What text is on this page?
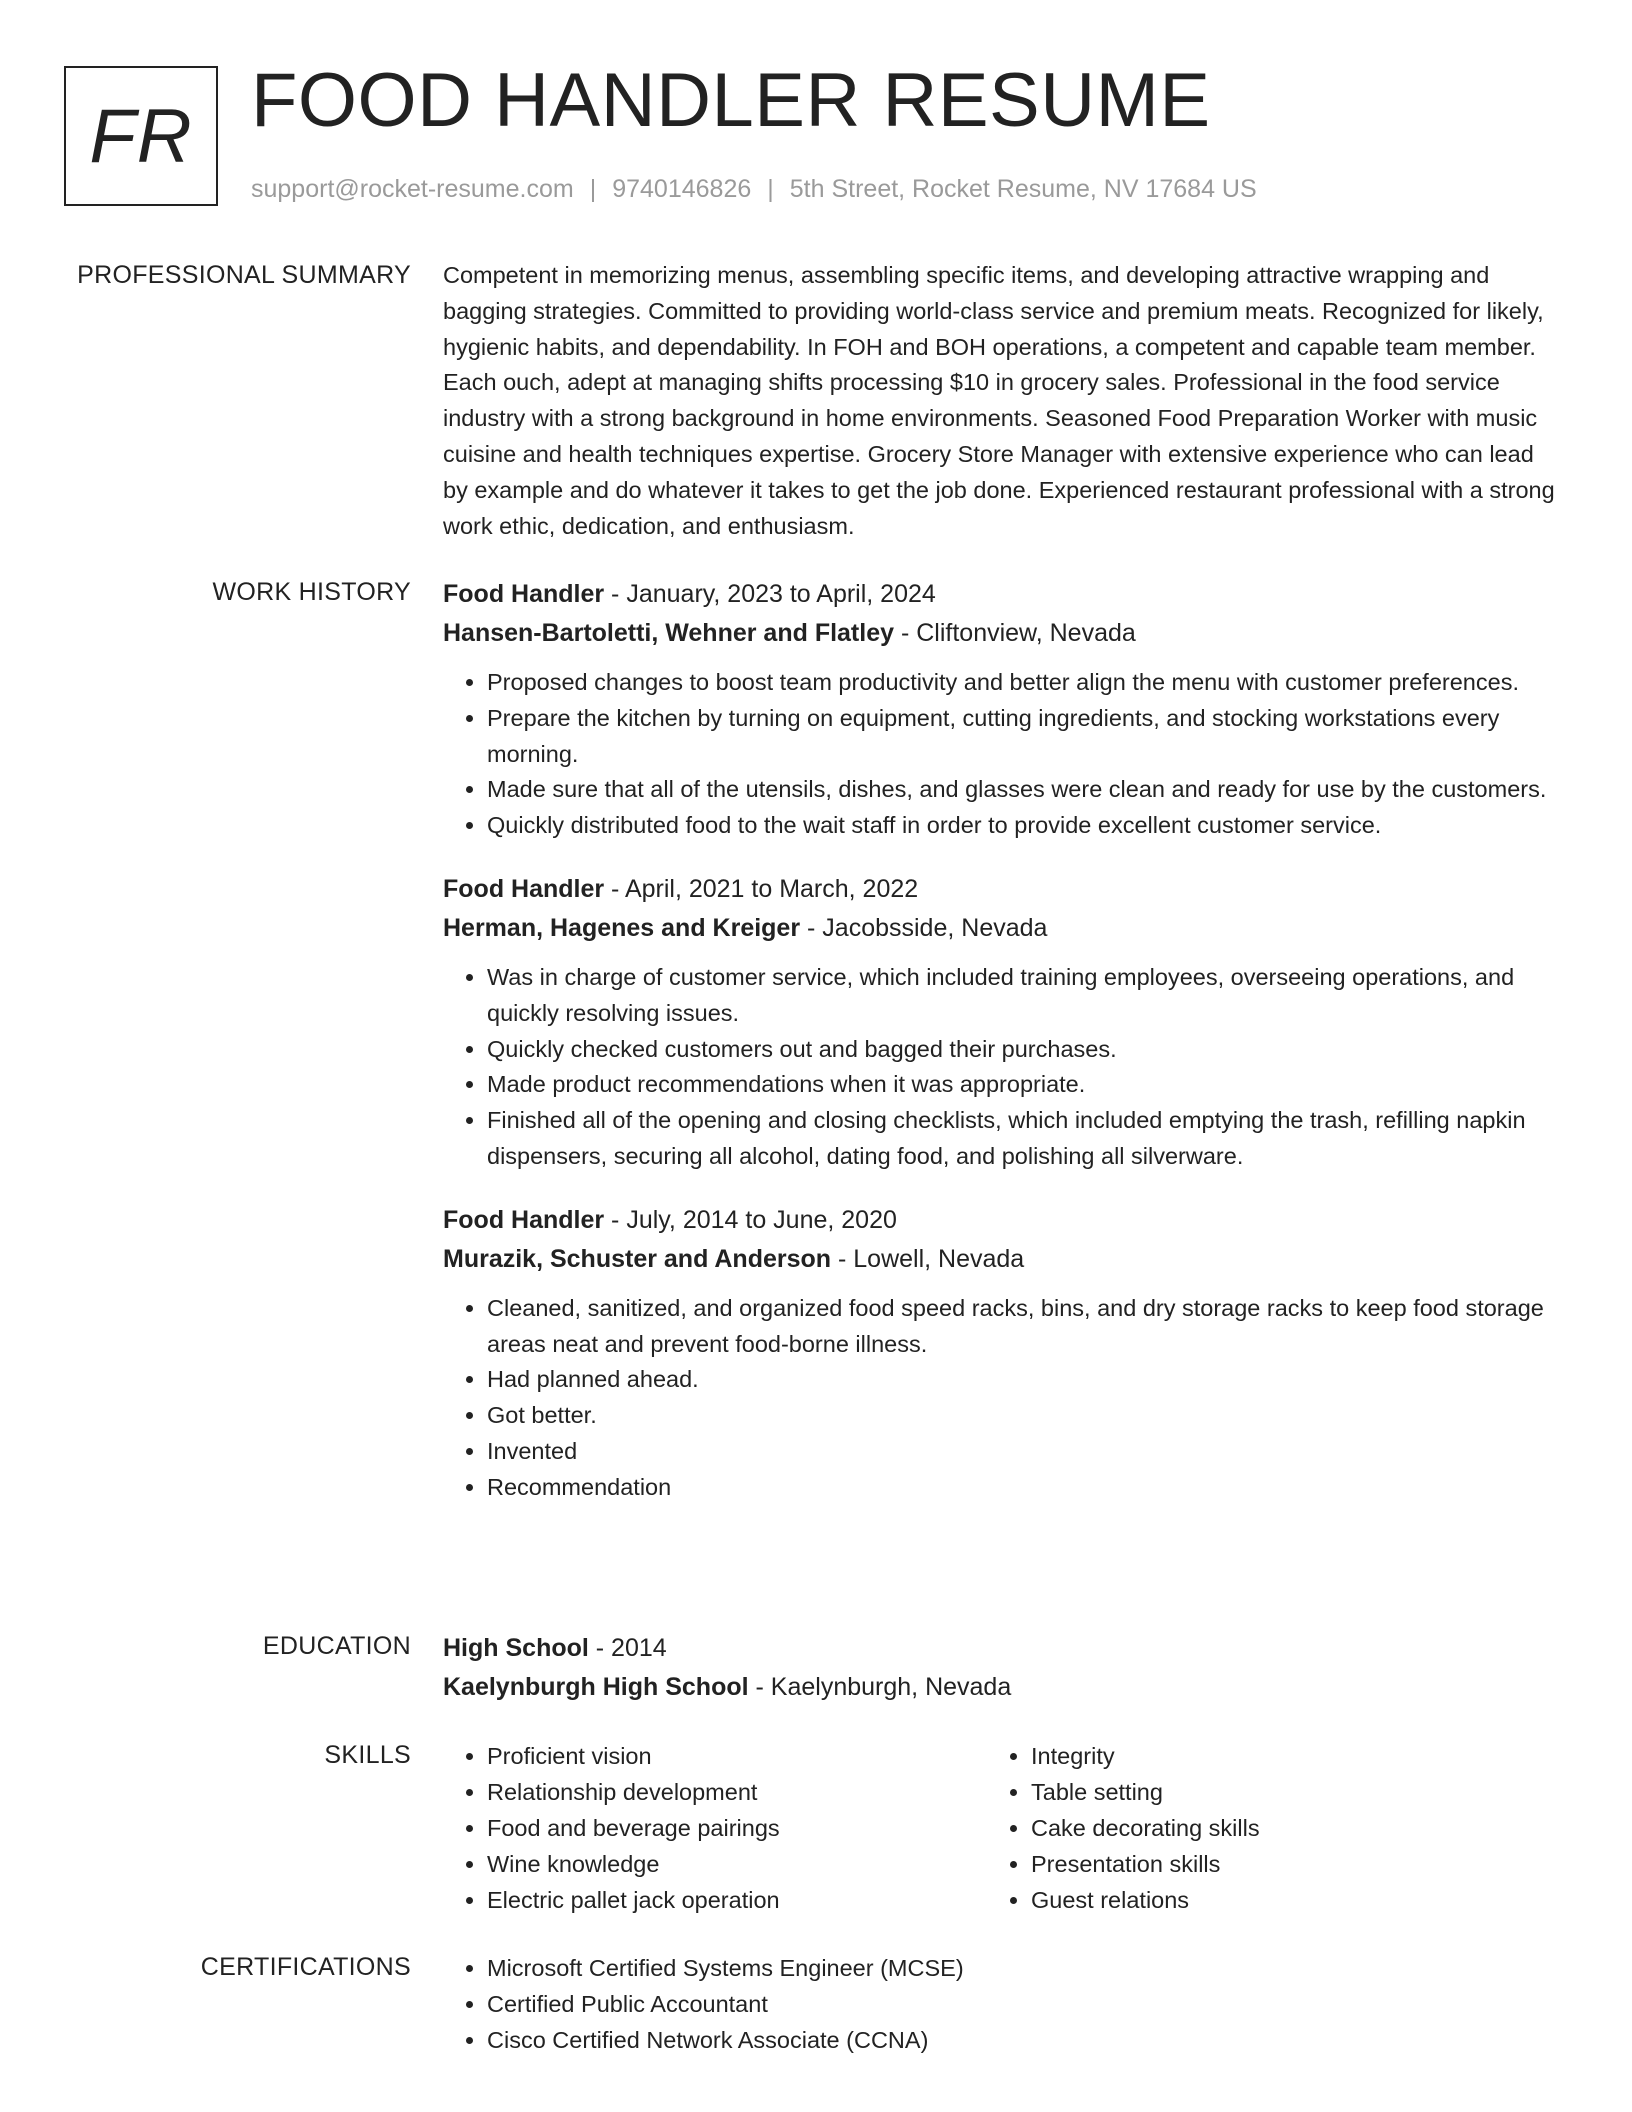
FR FOOD HANDLER RESUME
support@rocket-resume.com | 9740146826 | 5th Street, Rocket Resume, NV 17684 US
PROFESSIONAL SUMMARY Competent in memorizing menus, assembling specific items, and developing attractive wrapping and bagging strategies. Committed to providing world-class service and premium meats. Recognized for likely, hygienic habits, and dependability. In FOH and BOH operations, a competent and capable team member. Each ouch, adept at managing shifts processing $10 in grocery sales. Professional in the food service industry with a strong background in home environments. Seasoned Food Preparation Worker with music cuisine and health techniques expertise. Grocery Store Manager with extensive experience who can lead by example and do whatever it takes to get the job done. Experienced restaurant professional with a strong work ethic, dedication, and enthusiasm.

WORK HISTORY Food Handler - January, 2023 to April, 2024
Hansen-Bartoletti, Wehner and Flatley - Cliftonview, Nevada
• Proposed changes to boost team productivity and better align the menu with customer preferences.
• Prepare the kitchen by turning on equipment, cutting ingredients, and stocking workstations every morning.
• Made sure that all of the utensils, dishes, and glasses were clean and ready for use by the customers.
• Quickly distributed food to the wait staff in order to provide excellent customer service.
Food Handler - April, 2021 to March, 2022
Herman, Hagenes and Kreiger - Jacobsside, Nevada
• Was in charge of customer service, which included training employees, overseeing operations, and quickly resolving issues.
• Quickly checked customers out and bagged their purchases.
• Made product recommendations when it was appropriate.
• Finished all of the opening and closing checklists, which included emptying the trash, refilling napkin dispensers, securing all alcohol, dating food, and polishing all silverware.
Food Handler - July, 2014 to June, 2020
Murazik, Schuster and Anderson - Lowell, Nevada
• Cleaned, sanitized, and organized food speed racks, bins, and dry storage racks to keep food storage areas neat and prevent food-borne illness.
• Had planned ahead.
• Got better.
• Invented
• Recommendation
EDUCATION High School - 2014
Kaelynburgh High School - Kaelynburgh, Nevada
SKILLS	• Proficient vision
• Relationship development
• Food and beverage pairings
• Wine knowledge
• Electric pallet jack operation
• Integrity
• Table setting
• Cake decorating skills
• Presentation skills
• Guest relations
CERTIFICATIONS	• Microsoft Certified Systems Engineer (MCSE)
• Certified Public Accountant
• Cisco Certified Network Associate (CCNA)
